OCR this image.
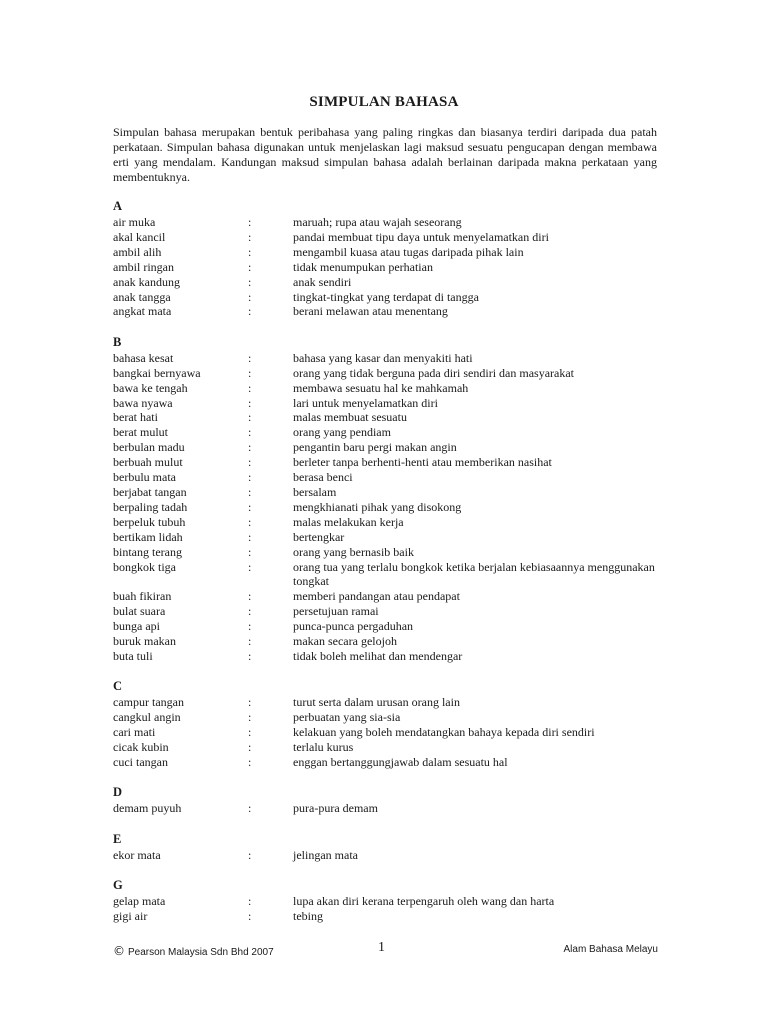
SIMPULAN BAHASA
Simpulan bahasa merupakan bentuk peribahasa yang paling ringkas dan biasanya terdiri daripada dua patah perkataan. Simpulan bahasa digunakan untuk menjelaskan lagi maksud sesuatu pengucapan dengan membawa erti yang mendalam. Kandungan maksud simpulan bahasa adalah berlainan daripada makna perkataan yang membentuknya.
A
air muka	:	maruah; rupa atau wajah seseorang
akal kancil	:	pandai membuat tipu daya untuk menyelamatkan diri
ambil alih	:	mengambil kuasa atau tugas daripada pihak lain
ambil ringan	:	tidak menumpukan perhatian
anak kandung	:	anak sendiri
anak tangga	:	tingkat-tingkat yang terdapat di tangga
angkat mata	:	berani melawan atau menentang
B
bahasa kesat	:	bahasa yang kasar dan menyakiti hati
bangkai bernyawa	:	orang yang tidak berguna pada diri sendiri dan masyarakat
bawa ke tengah	:	membawa sesuatu hal ke mahkamah
bawa nyawa	:	lari untuk menyelamatkan diri
berat hati	:	malas membuat sesuatu
berat mulut	:	orang yang pendiam
berbulan madu	:	pengantin baru pergi makan angin
berbuah mulut	:	berleter tanpa berhenti-henti atau memberikan nasihat
berbulu mata	:	berasa benci
berjabat tangan	:	bersalam
berpaling tadah	:	mengkhianati pihak yang disokong
berpeluk tubuh	:	malas melakukan kerja
bertikam lidah	:	bertengkar
bintang terang	:	orang yang bernasib baik
bongkok tiga	:	orang tua yang terlalu bongkok ketika berjalan kebiasaannya menggunakan tongkat
buah fikiran	:	memberi pandangan atau pendapat
bulat suara	:	persetujuan ramai
bunga api	:	punca-punca pergaduhan
buruk makan	:	makan secara gelojoh
buta tuli	:	tidak boleh melihat dan mendengar
C
campur tangan	:	turut serta dalam urusan orang lain
cangkul angin	:	perbuatan yang sia-sia
cari mati	:	kelakuan yang boleh mendatangkan bahaya kepada diri sendiri
cicak kubin	:	terlalu kurus
cuci tangan	:	enggan bertanggungjawab dalam sesuatu hal
D
demam puyuh	:	pura-pura demam
E
ekor mata	:	jelingan mata
G
gelap mata	:	lupa akan diri kerana terpengaruh oleh wang dan harta
gigi air	:	tebing
© Pearson Malaysia Sdn Bhd 2007	1	Alam Bahasa Melayu
